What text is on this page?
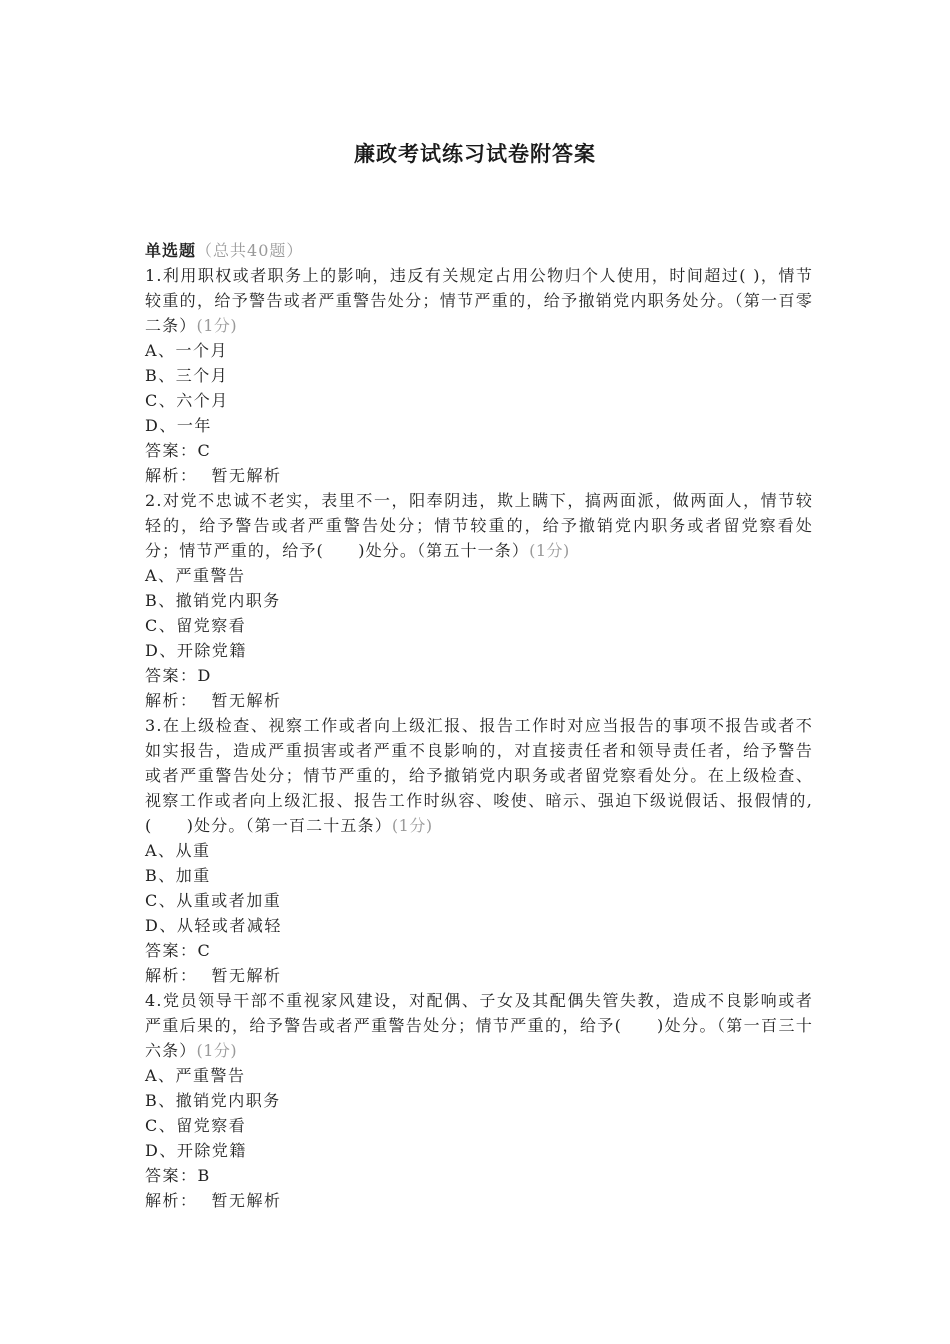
廉政考试练习试卷附答案

单选题（总共40题）

1.利用职权或者职务上的影响，违反有关规定占用公物归个人使用，时间超过( )，情节较重的，给予警告或者严重警告处分；情节严重的，给予撤销党内职务处分。（第一百零二条）(1分)

A、一个月

B、三个月

C、六个月

D、一年

答案：C

解析： 暂无解析

2.对党不忠诚不老实，表里不一，阳奉阴违，欺上瞒下，搞两面派，做两面人，情节较轻的，给予警告或者严重警告处分；情节较重的，给予撤销党内职务或者留党察看处分；情节严重的，给予(　　)处分。（第五十一条）(1分)

A、严重警告

B、撤销党内职务

C、留党察看

D、开除党籍

答案：D

解析： 暂无解析

3.在上级检查、视察工作或者向上级汇报、报告工作时对应当报告的事项不报告或者不如实报告，造成严重损害或者严重不良影响的，对直接责任者和领导责任者，给予警告或者严重警告处分；情节严重的，给予撤销党内职务或者留党察看处分。在上级检查、视察工作或者向上级汇报、报告工作时纵容、唆使、暗示、强迫下级说假话、报假情的,(　　)处分。（第一百二十五条）(1分)

A、从重

B、加重

C、从重或者加重

D、从轻或者减轻

答案：C

解析： 暂无解析

4.党员领导干部不重视家风建设，对配偶、子女及其配偶失管失教，造成不良影响或者严重后果的，给予警告或者严重警告处分；情节严重的，给予(　　)处分。（第一百三十六条）(1分)

A、严重警告

B、撤销党内职务

C、留党察看

D、开除党籍

答案：B

解析： 暂无解析
